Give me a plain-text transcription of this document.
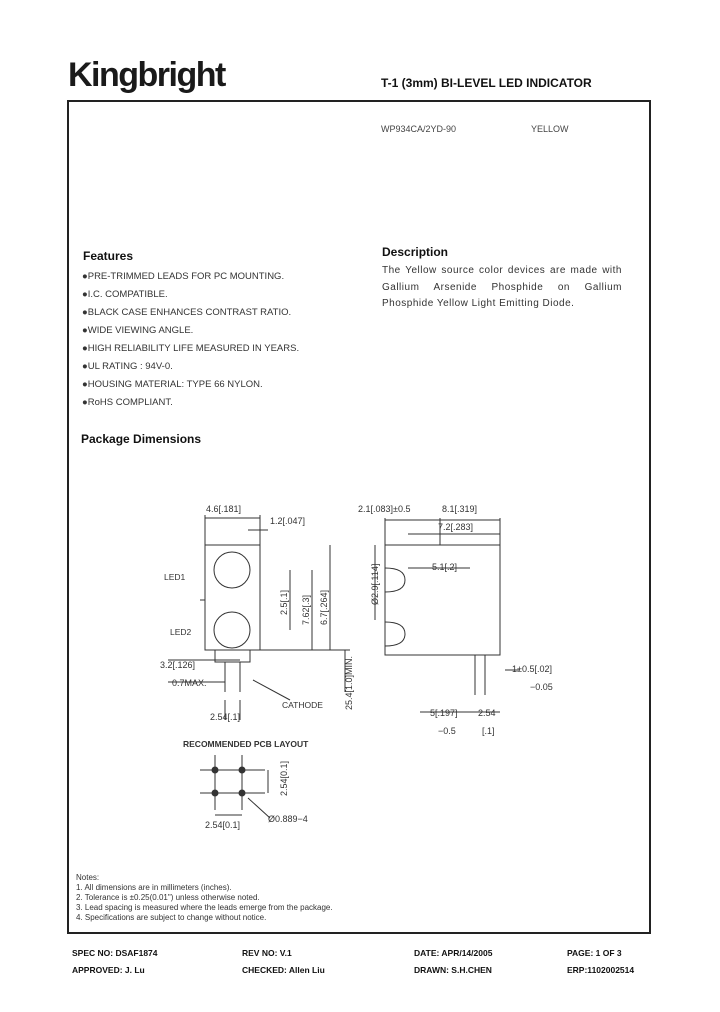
Kingbright	T-1 (3mm) BI-LEVEL LED INDICATOR
WP934CA/2YD-90	YELLOW
Features
●PRE-TRIMMED LEADS FOR PC MOUNTING.
●I.C. COMPATIBLE.
●BLACK CASE ENHANCES CONTRAST RATIO.
●WIDE VIEWING ANGLE.
●HIGH RELIABILITY LIFE MEASURED IN YEARS.
●UL RATING : 94V-0.
●HOUSING MATERIAL: TYPE 66 NYLON.
●RoHS COMPLIANT.
Description
The Yellow source color devices are made with Gallium Arsenide Phosphide on Gallium Phosphide Yellow Light Emitting Diode.
Package Dimensions
4.6[.181]
1.2[.047]
LED1
LED2
2.5[.1] 7.62[.3] 6.7[.264]
3.2[.126]
0.7MAX.	25.4[1.0]MIN.
CATHODE
2.54[.1]
2.1[.083]±0.5	8.1[.319]
7.2[.283]
5.1[.2]
Ø2.9[.114]
1±0.5[.02]
−0.05
5[.197] 2.54
−0.5	[.1]
RECOMMENDED PCB LAYOUT
2.54[0.1]
2.54[0.1]
Ø0.889−4
Notes:
1. All dimensions are in millimeters (inches).
2. Tolerance is ±0.25(0.01") unless otherwise noted.
3. Lead spacing is measured where the leads emerge from the package.
4. Specifications are subject to change without notice.
SPEC NO: DSAF1874	REV NO: V.1	DATE: APR/14/2005	PAGE: 1 OF 3
APPROVED: J. Lu	CHECKED: Allen Liu	DRAWN: S.H.CHEN	ERP:1102002514
